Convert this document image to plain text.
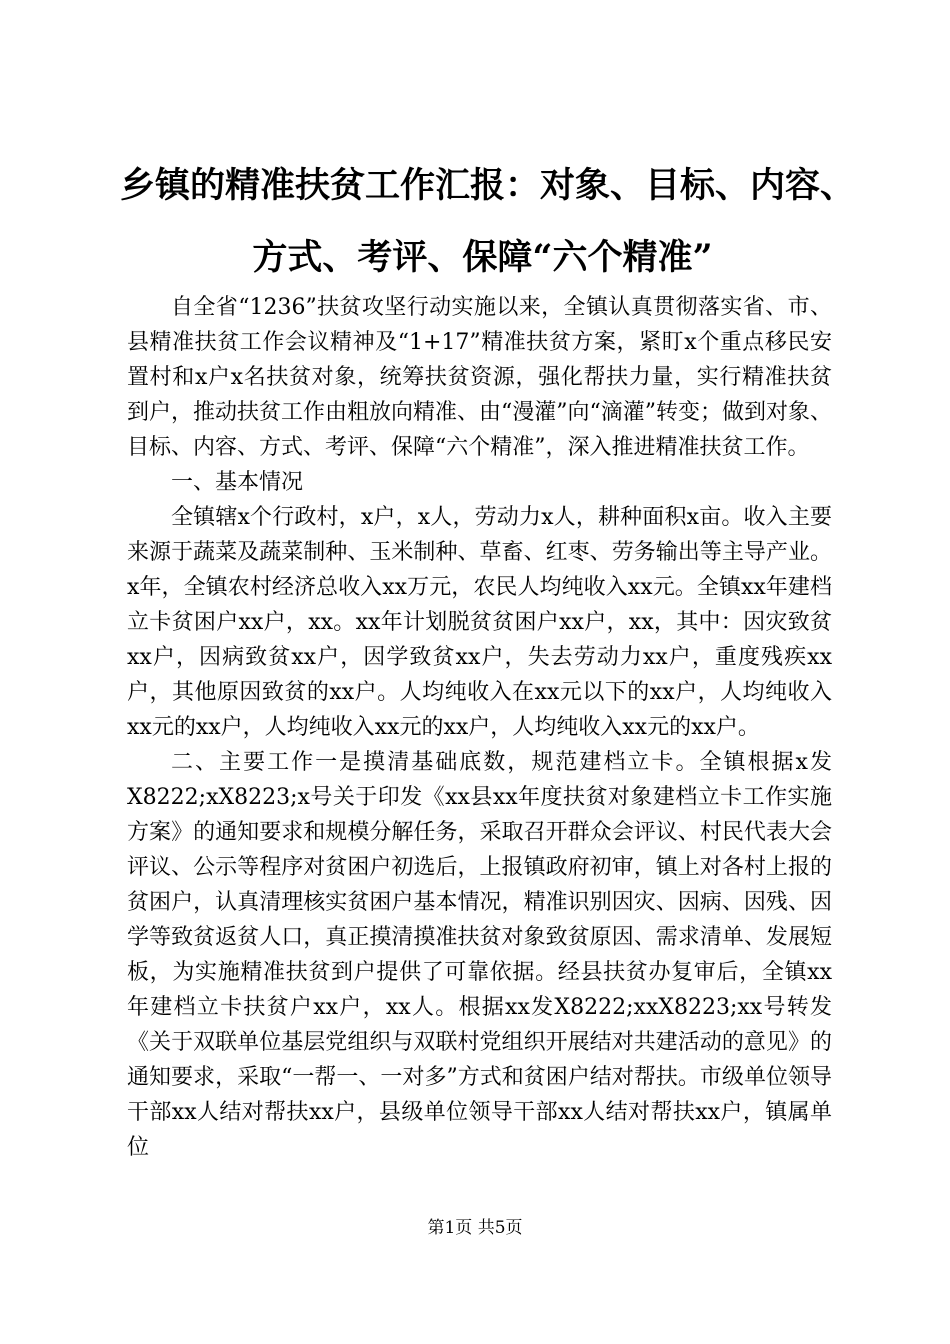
乡镇的精准扶贫工作汇报：对象、目标、内容、
方式、考评、保障“六个精准”

自全省“1236”扶贫攻坚行动实施以来，全镇认真贯彻落实省、市、县精准扶贫工作会议精神及“1+17”精准扶贫方案，紧盯x个重点移民安置村和x户x名扶贫对象，统筹扶贫资源，强化帮扶力量，实行精准扶贫到户，推动扶贫工作由粗放向精准、由“漫灌”向“滴灌”转变；做到对象、目标、内容、方式、考评、保障“六个精准”，深入推进精准扶贫工作。

一、基本情况

全镇辖x个行政村，x户，x人，劳动力x人，耕种面积x亩。收入主要来源于蔬菜及蔬菜制种、玉米制种、草畜、红枣、劳务输出等主导产业。x年，全镇农村经济总收入xx万元，农民人均纯收入xx元。全镇xx年建档立卡贫困户xx户，xx。xx年计划脱贫贫困户xx户，xx，其中：因灾致贫xx户，因病致贫xx户，因学致贫xx户，失去劳动力xx户，重度残疾xx户，其他原因致贫的xx户。人均纯收入在xx元以下的xx户，人均纯收入xx元的xx户，人均纯收入xx元的xx户，人均纯收入xx元的xx户。

二、主要工作一是摸清基础底数，规范建档立卡。全镇根据x发X8222;xX8223;x号关于印发《xx县xx年度扶贫对象建档立卡工作实施方案》的通知要求和规模分解任务，采取召开群众会评议、村民代表大会评议、公示等程序对贫困户初选后，上报镇政府初审，镇上对各村上报的贫困户，认真清理核实贫困户基本情况，精准识别因灾、因病、因残、因学等致贫返贫人口，真正摸清摸准扶贫对象致贫原因、需求清单、发展短板，为实施精准扶贫到户提供了可靠依据。经县扶贫办复审后，全镇xx年建档立卡扶贫户xx户，xx人。根据xx发X8222;xxX8223;xx号转发《关于双联单位基层党组织与双联村党组织开展结对共建活动的意见》的通知要求，采取“一帮一、一对多”方式和贫困户结对帮扶。市级单位领导干部xx人结对帮扶xx户，县级单位领导干部xx人结对帮扶xx户，镇属单位

第1页 共5页
